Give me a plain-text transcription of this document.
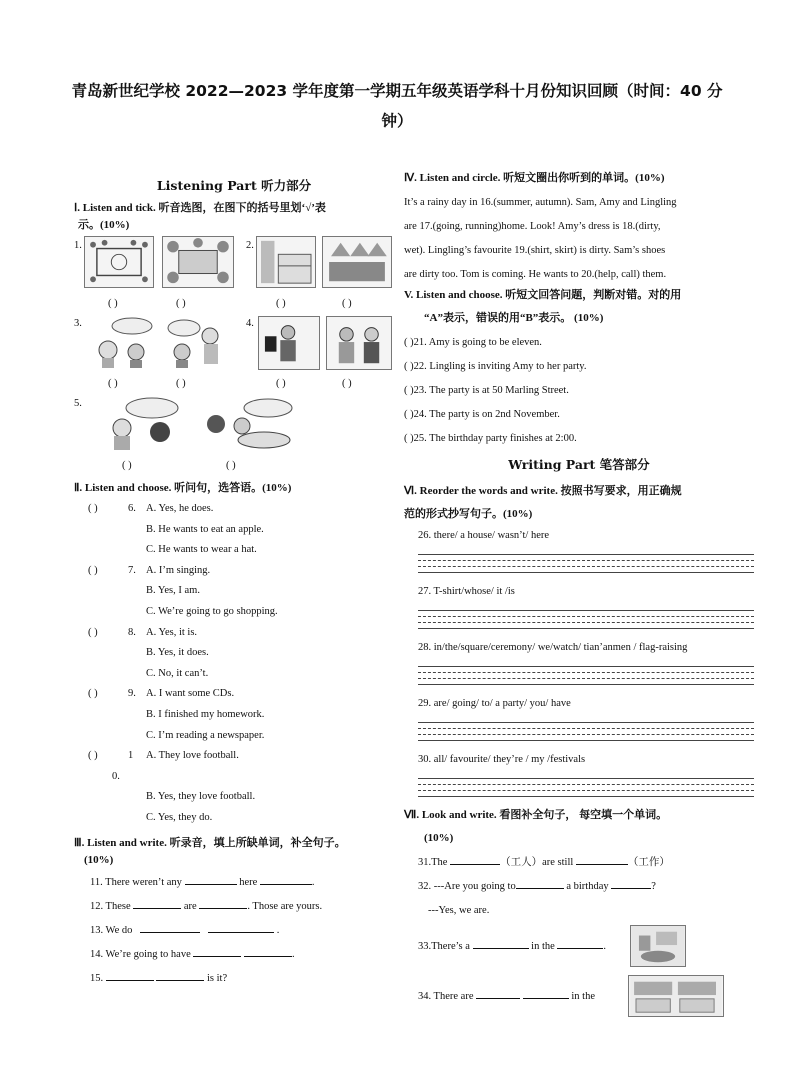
青岛新世纪学校 2022—2023 学年度第一学期五年级英语学科十月份知识回顾（时间：40 分
钟）
Listening Part 听力部分
Ⅰ. Listen and tick. 听音选图，在图下的括号里划‘√’表
示。(10%)
1.	2.
( )	( )	( )	( )
3.	4.
( )	( )	( )	( )
5.
( )	( )
Ⅱ. Listen and choose. 听问句，选答语。(10%)
( )	6. A. Yes, he does.
B. He wants to eat an apple.
C. He wants to wear a hat.
( )	7. A. I’m singing.
B. Yes, I am.
C. We’re going to go shopping.
( )	8. A. Yes, it is.
B. Yes, it does.
C. No, it can’t.
( )	9. A. I want some CDs.
B. I finished my homework.
C. I’m reading a newspaper.
( )	1 A. They love football.
0.
B. Yes, they love football.
C. Yes, they do.
Ⅲ. Listen and write. 听录音，填上所缺单词，补全句子。
(10%)
11. There weren’t any	here	.
12. These	are	. Those are yours.
13. We do	.
14. We’re going to have	.
15.	is it?
Ⅳ. Listen and circle. 听短文圈出你听到的单词。(10%)
It’s a rainy day in 16.(summer, autumn). Sam, Amy and Lingling
are 17.(going, running)home. Look! Amy’s dress is 18.(dirty,
wet). Lingling’s favourite 19.(shirt, skirt) is dirty. Sam’s shoes
are dirty too. Tom is coming. He wants to 20.(help, call) them.
V. Listen and choose. 听短文回答问题，判断对错。对的用
“A”表示，错误的用“B”表示。 (10%)
( )21. Amy is going to be eleven.
( )22. Lingling is inviting Amy to her party.
( )23. The party is at 50 Marling Street.
( )24. The party is on 2nd November.
( )25. The birthday party finishes at 2:00.
Writing Part 笔答部分
Ⅵ. Reorder the words and write. 按照书写要求，用正确规
范的形式抄写句子。(10%)
26. there/ a house/ wasn’t/ here
27. T-shirt/whose/ it /is
28. in/the/square/ceremony/ we/watch/ tian’anmen / flag-raising
29. are/ going/ to/ a party/ you/ have
30. all/ favourite/ they’re / my /festivals
Ⅶ. Look and write. 看图补全句子， 每空填一个单词。
(10%)
31.The	（工人）are still	（工作）
32. ---Are you going to	a birthday	?
---Yes, we are.
33.There’s a	in the	.
34. There are	in the
